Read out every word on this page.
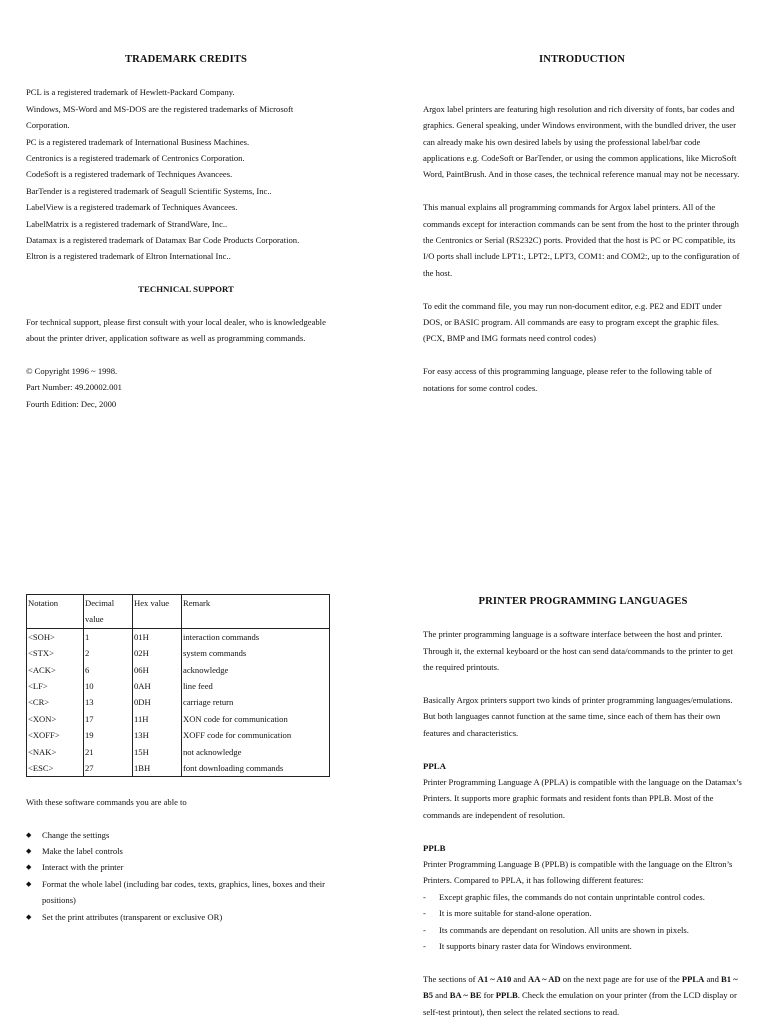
TRADEMARK CREDITS
PCL is a registered trademark of Hewlett-Packard Company.
Windows, MS-Word and MS-DOS are the registered trademarks of Microsoft
Corporation.
PC is a registered trademark of International Business Machines.
Centronics is a registered trademark of Centronics Corporation.
CodeSoft is a registered trademark of Techniques Avancees.
BarTender is a registered trademark of Seagull Scientific Systems, Inc..
LabelView is a registered trademark of Techniques Avancees.
LabelMatrix is a registered trademark of StrandWare, Inc..
Datamax is a registered trademark of Datamax Bar Code Products Corporation.
Eltron is a registered trademark of Eltron International Inc..
TECHNICAL SUPPORT

For technical support, please first consult with your local dealer, who is knowledgeable about the printer driver, application software as well as programming commands.

© Copyright 1996 ~ 1998.
Part Number: 49.20002.001
Fourth Edition: Dec, 2000
INTRODUCTION

Argox label printers are featuring high resolution and rich diversity of fonts, bar codes and graphics. General speaking, under Windows environment, with the bundled driver, the user can already make his own desired labels by using the professional label/bar code applications e.g. CodeSoft or BarTender, or using the common applications, like MicroSoft Word, PaintBrush. And in those cases, the technical reference manual may not be necessary.

This manual explains all programming commands for Argox label printers. All of the commands except for interaction commands can be sent from the host to the printer through the Centronics or Serial (RS232C) ports. Provided that the host is PC or PC compatible, its I/O ports shall include LPT1:, LPT2:, LPT3, COM1: and COM2:, up to the configuration of the host.

To edit the command file, you may run non-document editor, e.g. PE2 and EDIT under DOS, or BASIC program. All commands are easy to program except the graphic files. (PCX, BMP and IMG formats need control codes)

For easy access of this programming language, please refer to the following table of notations for some control codes.

Notation	Decimal value	Hex value	Remark
<SOH>	1	01H	interaction commands
<STX>	2	02H	system commands
<ACK>	6	06H	acknowledge
<LF>	10	0AH	line feed
<CR>	13	0DH	carriage return
<XON>	17	11H	XON code for communication
<XOFF>	19	13H	XOFF code for communication
<NAK>	21	15H	not acknowledge
<ESC>	27	1BH	font downloading commands

With these software commands you are able to

◆ Change the settings
◆ Make the label controls
◆ Interact with the printer
◆ Format the whole label (including bar codes, texts, graphics, lines, boxes and their positions)
◆ Set the print attributes (transparent or exclusive OR)
PRINTER PROGRAMMING LANGUAGES

The printer programming language is a software interface between the host and printer. Through it, the external keyboard or the host can send data/commands to the printer to get the required printouts.

Basically Argox printers support two kinds of printer programming languages/emulations. But both languages cannot function at the same time, since each of them has their own features and characteristics.

PPLA

Printer Programming Language A (PPLA) is compatible with the language on the Datamax’s Printers. It supports more graphic formats and resident fonts than PPLB. Most of the commands are independent of resolution.

PPLB

Printer Programming Language B (PPLB) is compatible with the language on the Eltron’s Printers. Compared to PPLA, it has following different features:

- Except graphic files, the commands do not contain unprintable control codes.
- It is more suitable for stand-alone operation.
- Its commands are dependant on resolution. All units are shown in pixels.
- It supports binary raster data for Windows environment.

The sections of A1 ~ A10 and AA ~ AD on the next page are for use of the PPLA and B1 ~ B5 and BA ~ BE for PPLB. Check the emulation on your printer (from the LCD display or self-test printout), then select the related sections to read.
